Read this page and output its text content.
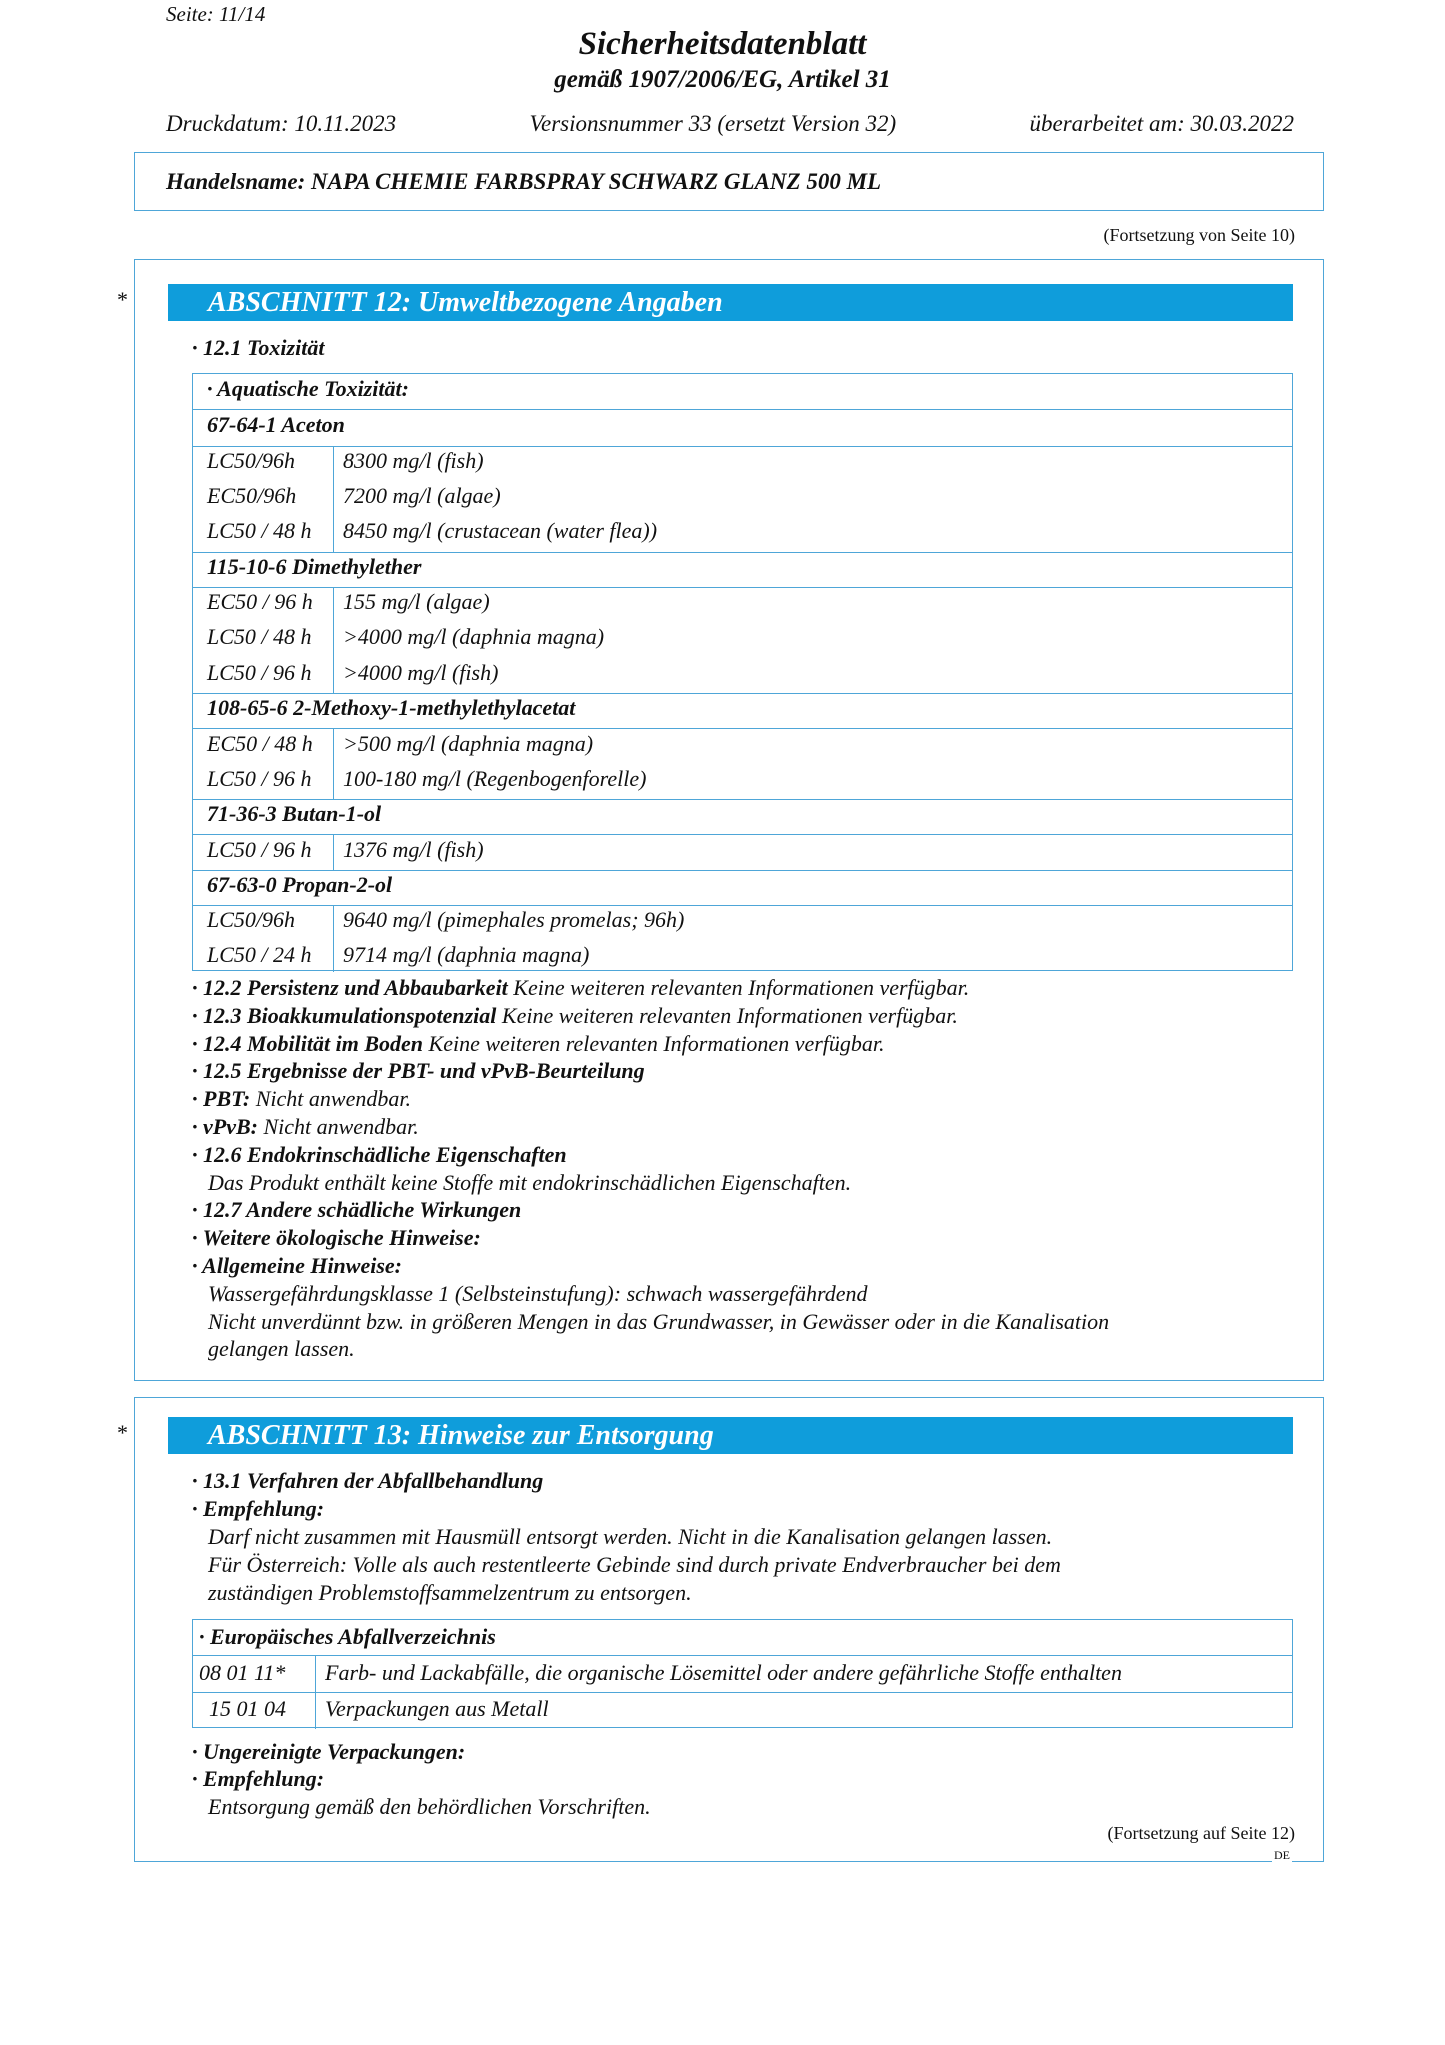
Seite: 11/14
Sicherheitsdatenblatt
gemäß 1907/2006/EG, Artikel 31
Druckdatum: 10.11.2023	Versionsnummer 33 (ersetzt Version 32)	überarbeitet am: 30.03.2022
Handelsname: NAPA CHEMIE FARBSPRAY SCHWARZ GLANZ 500 ML
(Fortsetzung von Seite 10)
*	ABSCHNITT 12: Umweltbezogene Angaben
· 12.1 Toxizität
· Aquatische Toxizität:
67-64-1 Aceton
LC50/96h 8300 mg/l (fish)
EC50/96h 7200 mg/l (algae)
LC50 / 48 h 8450 mg/l (crustacean (water flea))
115-10-6 Dimethylether
EC50 / 96 h 155 mg/l (algae)
LC50 / 48 h >4000 mg/l (daphnia magna)
LC50 / 96 h >4000 mg/l (fish)
108-65-6 2-Methoxy-1-methylethylacetat
EC50 / 48 h >500 mg/l (daphnia magna)
LC50 / 96 h 100-180 mg/l (Regenbogenforelle)
71-36-3 Butan-1-ol
LC50 / 96 h 1376 mg/l (fish)
67-63-0 Propan-2-ol
LC50/96h 9640 mg/l (pimephales promelas; 96h)
LC50 / 24 h 9714 mg/l (daphnia magna)
· 12.2 Persistenz und Abbaubarkeit Keine weiteren relevanten Informationen verfügbar.
· 12.3 Bioakkumulationspotenzial Keine weiteren relevanten Informationen verfügbar.
· 12.4 Mobilität im Boden Keine weiteren relevanten Informationen verfügbar.
· 12.5 Ergebnisse der PBT- und vPvB-Beurteilung
· PBT: Nicht anwendbar.
· vPvB: Nicht anwendbar.
· 12.6 Endokrinschädliche Eigenschaften
Das Produkt enthält keine Stoffe mit endokrinschädlichen Eigenschaften.
· 12.7 Andere schädliche Wirkungen
· Weitere ökologische Hinweise:
· Allgemeine Hinweise:
Wassergefährdungsklasse 1 (Selbsteinstufung): schwach wassergefährdend
Nicht unverdünnt bzw. in größeren Mengen in das Grundwasser, in Gewässer oder in die Kanalisation
gelangen lassen.
*	ABSCHNITT 13: Hinweise zur Entsorgung
· 13.1 Verfahren der Abfallbehandlung
· Empfehlung:
Darf nicht zusammen mit Hausmüll entsorgt werden. Nicht in die Kanalisation gelangen lassen.
Für Österreich: Volle als auch restentleerte Gebinde sind durch private Endverbraucher bei dem
zuständigen Problemstoffsammelzentrum zu entsorgen.
· Europäisches Abfallverzeichnis
08 01 11* Farb- und Lackabfälle, die organische Lösemittel oder andere gefährliche Stoffe enthalten
15 01 04 Verpackungen aus Metall
· Ungereinigte Verpackungen:
· Empfehlung:
Entsorgung gemäß den behördlichen Vorschriften.
(Fortsetzung auf Seite 12)
DE
